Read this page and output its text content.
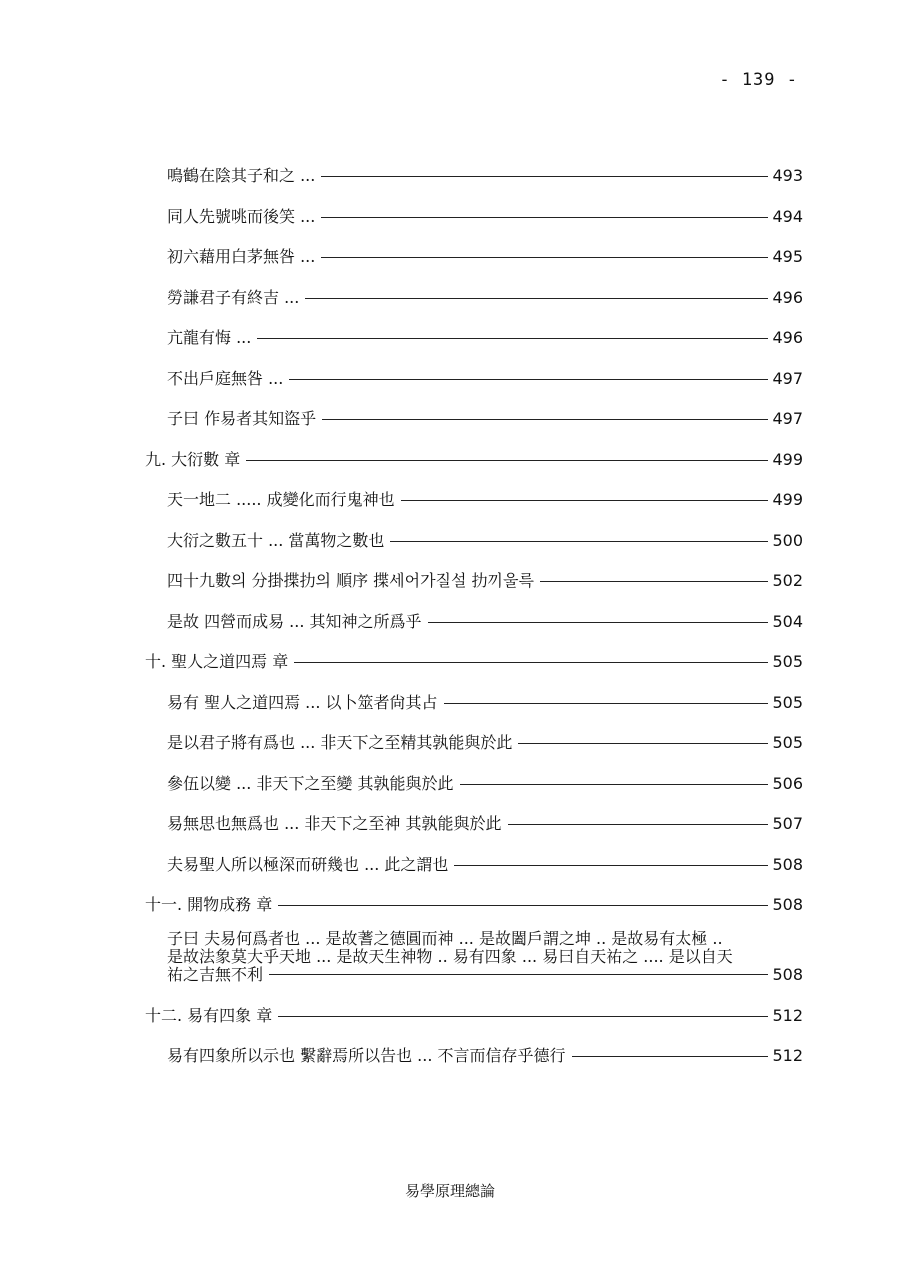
- 139 -
鳴鶴在陰其子和之 ...	493
同人先號咷而後笑 ...	494
初六藉用白茅無咎 ...	495
勞謙君子有終吉 ...	496
亢龍有悔 ...	496
不出戶庭無咎 ...	497
子曰 作易者其知盜乎	497
九. 大衍數 章	499
天一地二 ..... 成變化而行鬼神也	499
大衍之數五十 ... 當萬物之數也	500
四十九數의 分掛揲扐의 順序 揲세어가질설 扐끼울륵	502
是故 四營而成易 ... 其知神之所爲乎	504
十. 聖人之道四焉 章	505
易有 聖人之道四焉 ... 以卜筮者尙其占	505
是以君子將有爲也 ... 非天下之至精其孰能與於此	505
參伍以變 ... 非天下之至變 其孰能與於此	506
易無思也無爲也 ... 非天下之至神 其孰能與於此	507
夫易聖人所以極深而硏幾也 ... 此之謂也	508
十一. 開物成務 章	508
子曰 夫易何爲者也 ... 是故蓍之德圓而神 ... 是故闔戶謂之坤 .. 是故易有太極 ..
是故法象莫大乎天地 ... 是故天生神物 .. 易有四象 ... 易曰自天祐之 .... 是以自天
祐之吉無不利	508
十二. 易有四象 章	512
易有四象所以示也 繫辭焉所以告也 ... 不言而信存乎德行	512
易學原理總論
